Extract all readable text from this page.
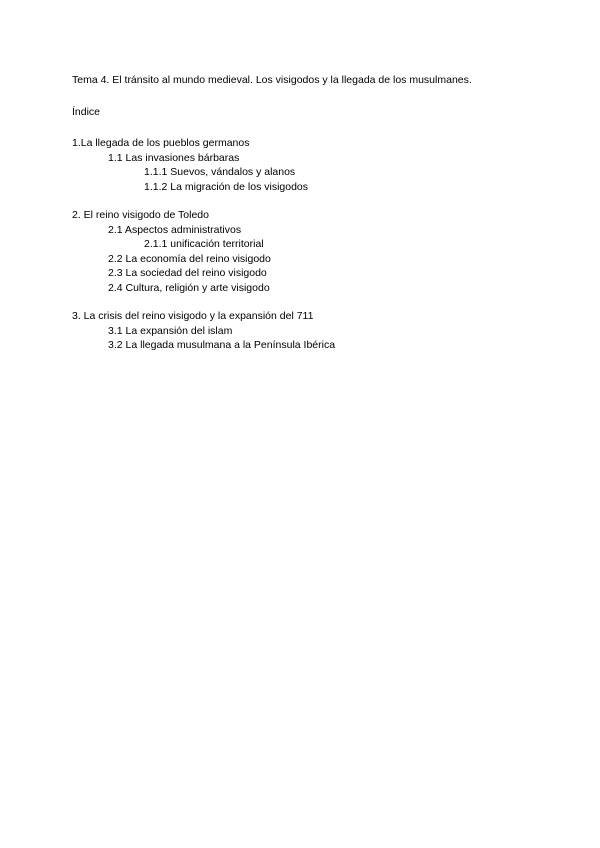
Tema 4. El tránsito al mundo medieval. Los visigodos y la llegada de los musulmanes.
Índice
1.La llegada de los pueblos germanos
1.1 Las invasiones bárbaras
1.1.1 Suevos, vándalos y alanos
1.1.2 La migración de los visigodos
2. El reino visigodo de Toledo
2.1 Aspectos administrativos
2.1.1 unificación territorial
2.2 La economía del reino visigodo
2.3 La sociedad del reino visigodo
2.4 Cultura, religión y arte visigodo
3. La crisis del reino visigodo y la expansión del 711
3.1 La expansión del islam
3.2 La llegada musulmana a la Península Ibérica
